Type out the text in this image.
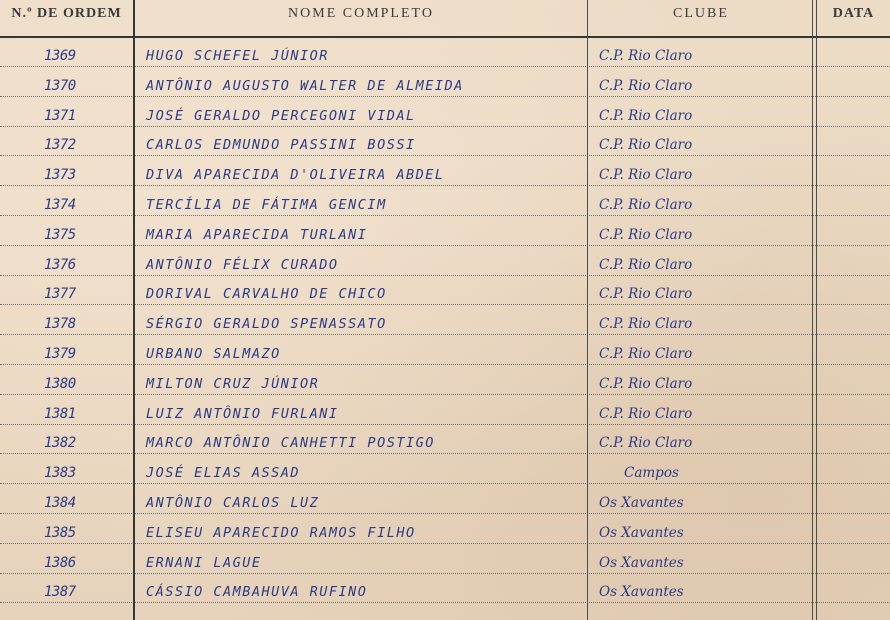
N.º DE ORDEM	NOME COMPLETO	CLUBE	DATA
1369	HUGO SCHEFEL JÚNIOR	C.P. Rio Claro
1370	ANTÔNIO AUGUSTO WALTER DE ALMEIDA	C.P. Rio Claro
1371	JOSÉ GERALDO PERCEGONI VIDAL	C.P. Rio Claro
1372	CARLOS EDMUNDO PASSINI BOSSI	C.P. Rio Claro
1373	DIVA APARECIDA D'OLIVEIRA ABDEL	C.P. Rio Claro
1374	TERCÍLIA DE FÁTIMA GENCIM	C.P. Rio Claro
1375	MARIA APARECIDA TURLANI	C.P. Rio Claro
1376	ANTÔNIO FÉLIX CURADO	C.P. Rio Claro
1377	DORIVAL CARVALHO DE CHICO	C.P. Rio Claro
1378	SÉRGIO GERALDO SPENASSATO	C.P. Rio Claro
1379	URBANO SALMAZO	C.P. Rio Claro
1380	MILTON CRUZ JÚNIOR	C.P. Rio Claro
1381	LUIZ ANTÔNIO FURLANI	C.P. Rio Claro
1382	MARCO ANTÔNIO CANHETTI POSTIGO	C.P. Rio Claro
1383	JOSÉ ELIAS ASSAD	Campos
1384	ANTÔNIO CARLOS LUZ	Os Xavantes
1385	ELISEU APARECIDO RAMOS FILHO	Os Xavantes
1386	ERNANI LAGUE	Os Xavantes
1387	CÁSSIO CAMBAHUVA RUFINO	Os Xavantes
